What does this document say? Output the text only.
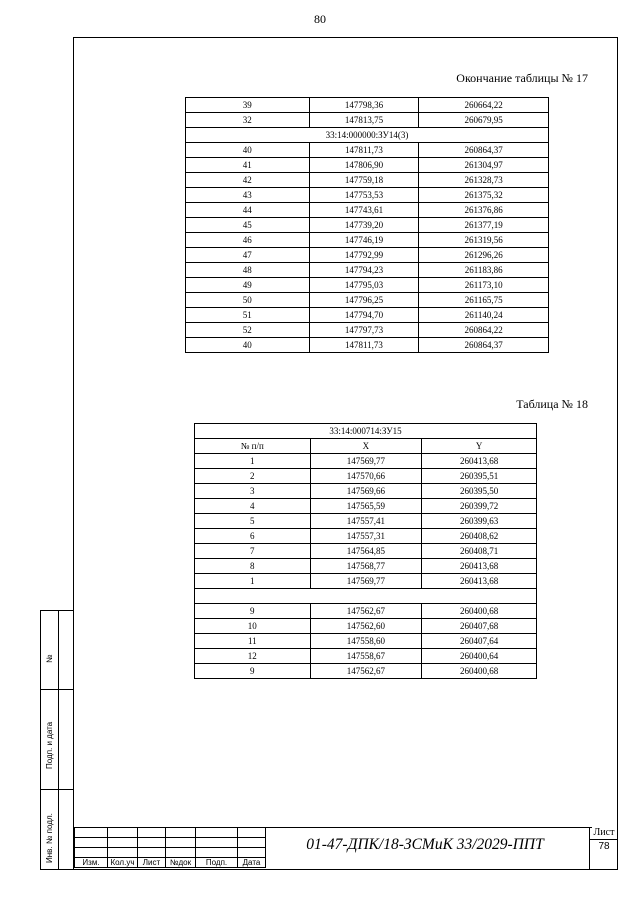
80
Окончание таблицы № 17
39	147798,36	260664,22
32	147813,75	260679,95
33:14:000000:ЗУ14(3)		
40	147811,73	260864,37
41	147806,90	261304,97
42	147759,18	261328,73
43	147753,53	261375,32
44	147743,61	261376,86
45	147739,20	261377,19
46	147746,19	261319,56
47	147792,99	261296,26
48	147794,23	261183,86
49	147795,03	261173,10
50	147796,25	261165,75
51	147794,70	261140,24
52	147797,73	260864,22
40	147811,73	260864,37
Таблица № 18
33:14:000714:ЗУ15		
№ п/п	X	Y
1	147569,77	260413,68
2	147570,66	260395,51
3	147569,66	260395,50
4	147565,59	260399,72
5	147557,41	260399,63
6	147557,31	260408,62
7	147564,85	260408,71
8	147568,77	260413,68
1	147569,77	260413,68

9	147562,67	260400,68
10	147562,60	260407,68
11	147558,60	260407,64
12	147558,67	260400,64
9	147562,67	260400,68
№
Подп. и дата
Инв. № подл.

						Изм.	Кол.уч	Лист	№док	Подп.	Дата
01-47-ДПК/18-ЗСМиК 33/2029-ППТ
Лист
78
